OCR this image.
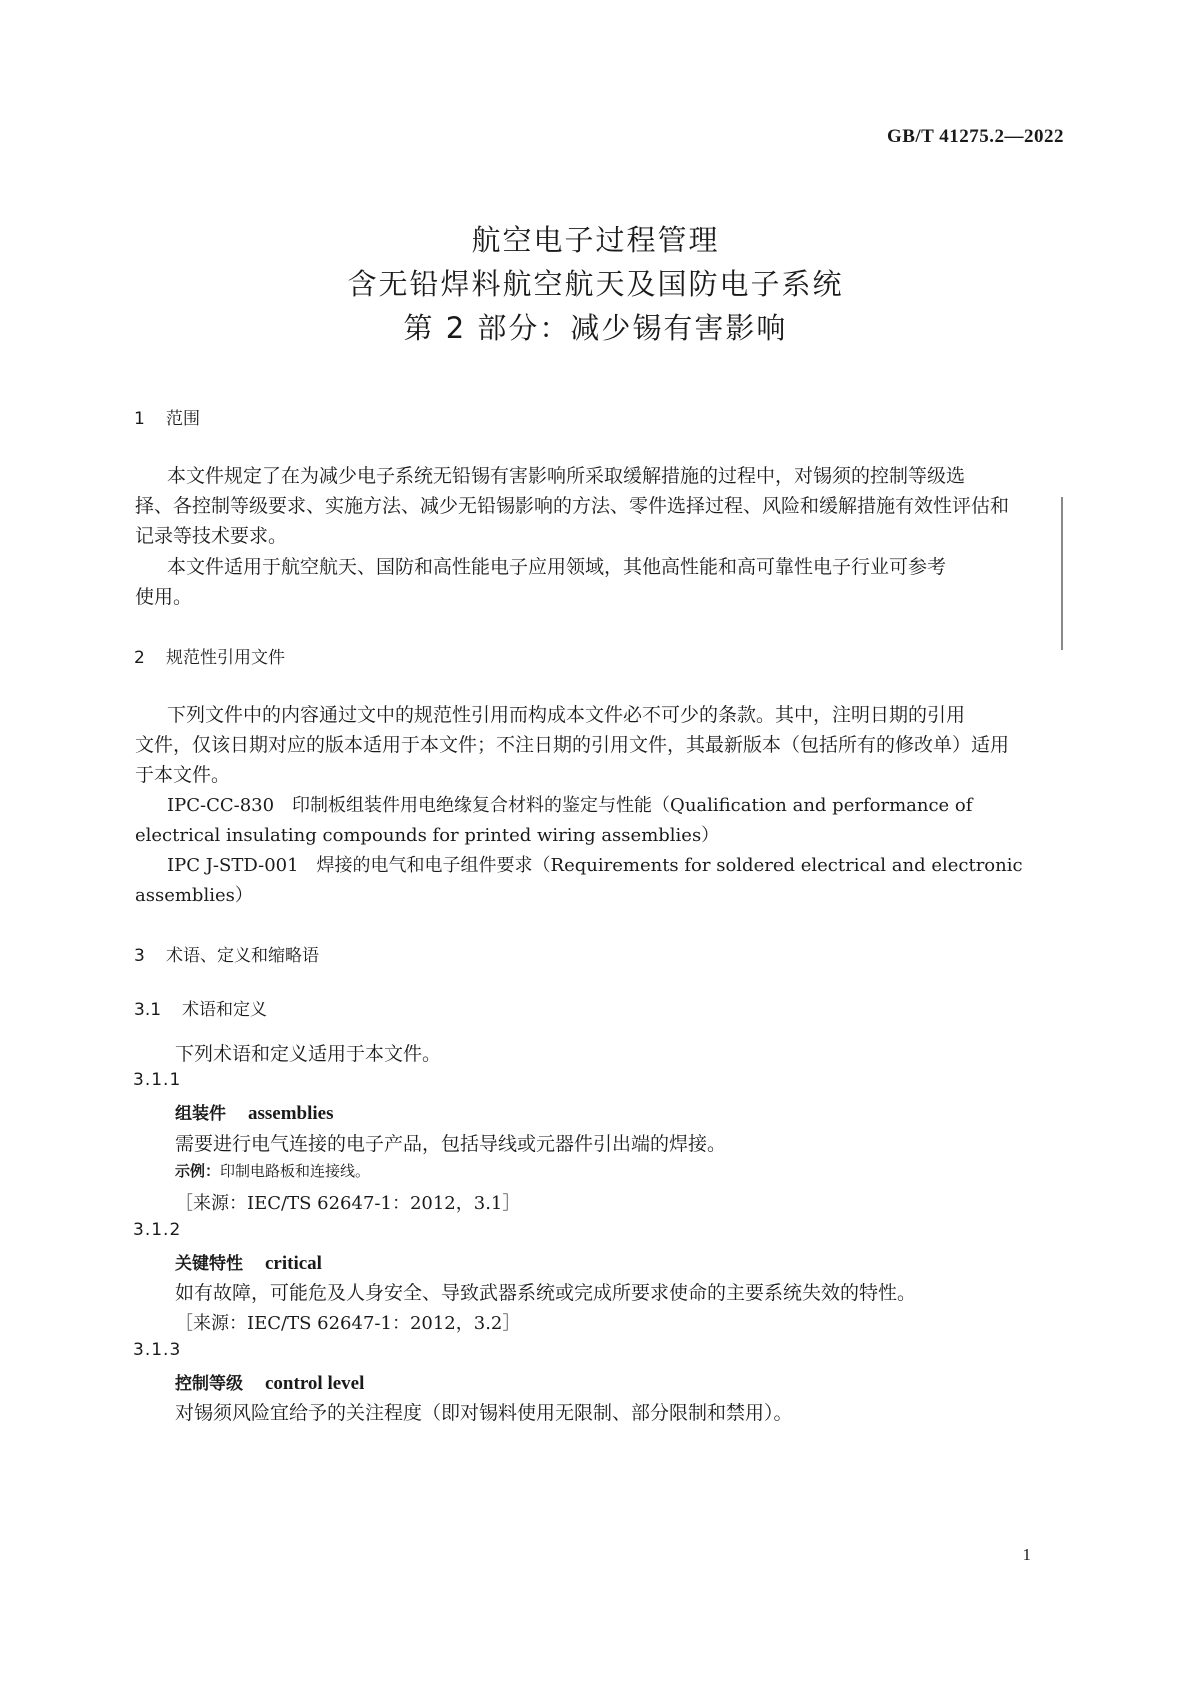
GB/T 41275.2—2022
航空电子过程管理
含无铅焊料航空航天及国防电子系统
第 2 部分：减少锡有害影响
1 范围
本文件规定了在为减少电子系统无铅锡有害影响所采取缓解措施的过程中，对锡须的控制等级选
择、各控制等级要求、实施方法、减少无铅锡影响的方法、零件选择过程、风险和缓解措施有效性评估和
记录等技术要求。
本文件适用于航空航天、国防和高性能电子应用领域，其他高性能和高可靠性电子行业可参考
使用。
2 规范性引用文件
下列文件中的内容通过文中的规范性引用而构成本文件必不可少的条款。其中，注明日期的引用
文件，仅该日期对应的版本适用于本文件；不注日期的引用文件，其最新版本（包括所有的修改单）适用
于本文件。
IPC-CC-830　印制板组装件用电绝缘复合材料的鉴定与性能（Qualification and performance of
electrical insulating compounds for printed wiring assemblies）
IPC J-STD-001　焊接的电气和电子组件要求（Requirements for soldered electrical and electronic
assemblies）
3 术语、定义和缩略语
3.1 术语和定义
下列术语和定义适用于本文件。
3.1.1
组装件 assemblies
需要进行电气连接的电子产品，包括导线或元器件引出端的焊接。
示例：印制电路板和连接线。
［来源：IEC/TS 62647-1：2012，3.1］
3.1.2
关键特性 critical
如有故障，可能危及人身安全、导致武器系统或完成所要求使命的主要系统失效的特性。
［来源：IEC/TS 62647-1：2012，3.2］
3.1.3
控制等级 control level
对锡须风险宜给予的关注程度（即对锡料使用无限制、部分限制和禁用）。
1
